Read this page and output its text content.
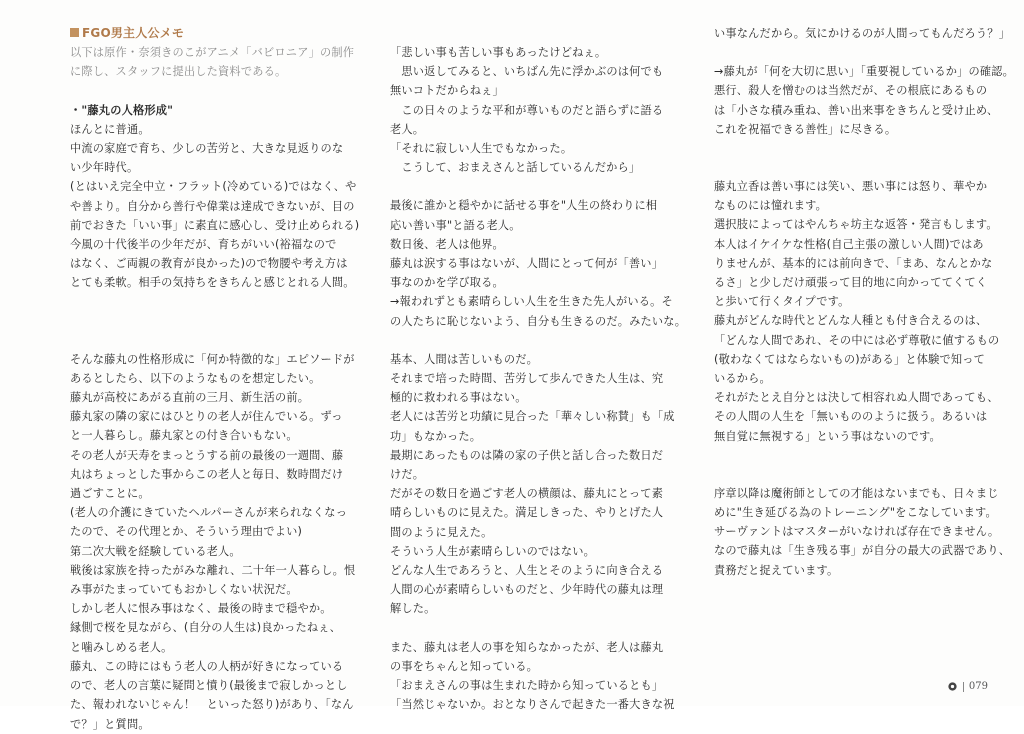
FGO男主人公メモ

以下は原作・奈須きのこがアニメ「バビロニア」の制作

に際し、スタッフに提出した資料である。

・"藤丸の人格形成"

ほんとに普通。

中流の家庭で育ち、少しの苦労と、大きな見返りのな

い少年時代。

(とはいえ完全中立・フラット(冷めている)ではなく、や

や善より。自分から善行や偉業は達成できないが、目の

前でおきた「いい事」に素直に感心し、受け止められる)

今風の十代後半の少年だが、育ちがいい(裕福なので

はなく、ご両親の教育が良かった)ので物腰や考え方は

とても柔軟。相手の気持ちをきちんと感じとれる人間。

そんな藤丸の性格形成に「何か特徴的な」エピソードが

あるとしたら、以下のようなものを想定したい。

藤丸が高校にあがる直前の三月、新生活の前。

藤丸家の隣の家にはひとりの老人が住んでいる。ずっ

と一人暮らし。藤丸家との付き合いもない。

その老人が天寿をまっとうする前の最後の一週間、藤

丸はちょっとした事からこの老人と毎日、数時間だけ

過ごすことに。

(老人の介護にきていたヘルパーさんが来られなくなっ

たので、その代理とか、そういう理由でよい)

第二次大戦を経験している老人。

戦後は家族を持ったがみな離れ、二十年一人暮らし。恨

み事がたまっていてもおかしくない状況だ。

しかし老人に恨み事はなく、最後の時まで穏やか。

縁側で桜を見ながら、(自分の人生は)良かったねぇ、

と噛みしめる老人。

藤丸、この時にはもう老人の人柄が好きになっている

ので、老人の言葉に疑問と憤り(最後まで寂しかっとし

た、報われないじゃん！　といった怒り)があり、「なん

で？」と質問。

「悲しい事も苦しい事もあったけどねぇ。

　思い返してみると、いちばん先に浮かぶのは何でも

無いコトだからねぇ」

　この日々のような平和が尊いものだと語らずに語る

老人。

「それに寂しい人生でもなかった。

　こうして、おまえさんと話しているんだから」

最後に誰かと穏やかに話せる事を"人生の終わりに相

応い善い事"と語る老人。

数日後、老人は他界。

藤丸は涙する事はないが、人間にとって何が「善い」

事なのかを学び取る。

→報われずとも素晴らしい人生を生きた先人がいる。そ

の人たちに恥じないよう、自分も生きるのだ。みたいな。

基本、人間は苦しいものだ。

それまで培った時間、苦労して歩んできた人生は、究

極的に救われる事はない。

老人には苦労と功績に見合った「華々しい称賛」も「成

功」もなかった。

最期にあったものは隣の家の子供と話し合った数日だ

けだ。

だがその数日を過ごす老人の横顔は、藤丸にとって素

晴らしいものに見えた。満足しきった、やりとげた人

間のように見えた。

そういう人生が素晴らしいのではない。

どんな人生であろうと、人生とそのように向き合える

人間の心が素晴らしいものだと、少年時代の藤丸は理

解した。

また、藤丸は老人の事を知らなかったが、老人は藤丸

の事をちゃんと知っている。

「おまえさんの事は生まれた時から知っているとも」

「当然じゃないか。おとなりさんで起きた一番大きな祝

い事なんだから。気にかけるのが人間ってもんだろう？」

→藤丸が「何を大切に思い」「重要視しているか」の確認。

悪行、殺人を憎むのは当然だが、その根底にあるもの

は「小さな積み重ね、善い出来事をきちんと受け止め、

これを祝福できる善性」に尽きる。

藤丸立香は善い事には笑い、悪い事には怒り、華やか

なものには憧れます。

選択肢によってはやんちゃ坊主な返答・発言もします。

本人はイケイケな性格(自己主張の激しい人間)ではあ

りませんが、基本的には前向きで、「まあ、なんとかな

るさ」と少しだけ頑張って目的地に向かっててくてく

と歩いて行くタイプです。

藤丸がどんな時代とどんな人種とも付き合えるのは、

「どんな人間であれ、その中には必ず尊敬に値するもの

(敬わなくてはならないもの)がある」と体験で知って

いるから。

それがたとえ自分とは決して相容れぬ人間であっても、

その人間の人生を「無いもののように扱う。あるいは

無自覚に無視する」という事はないのです。

序章以降は魔術師としての才能はないまでも、日々まじ

めに"生き延びる為のトレーニング"をこなしています。

サーヴァントはマスターがいなければ存在できません。

なので藤丸は「生き残る事」が自分の最大の武器であり、

責務だと捉えています。

079
